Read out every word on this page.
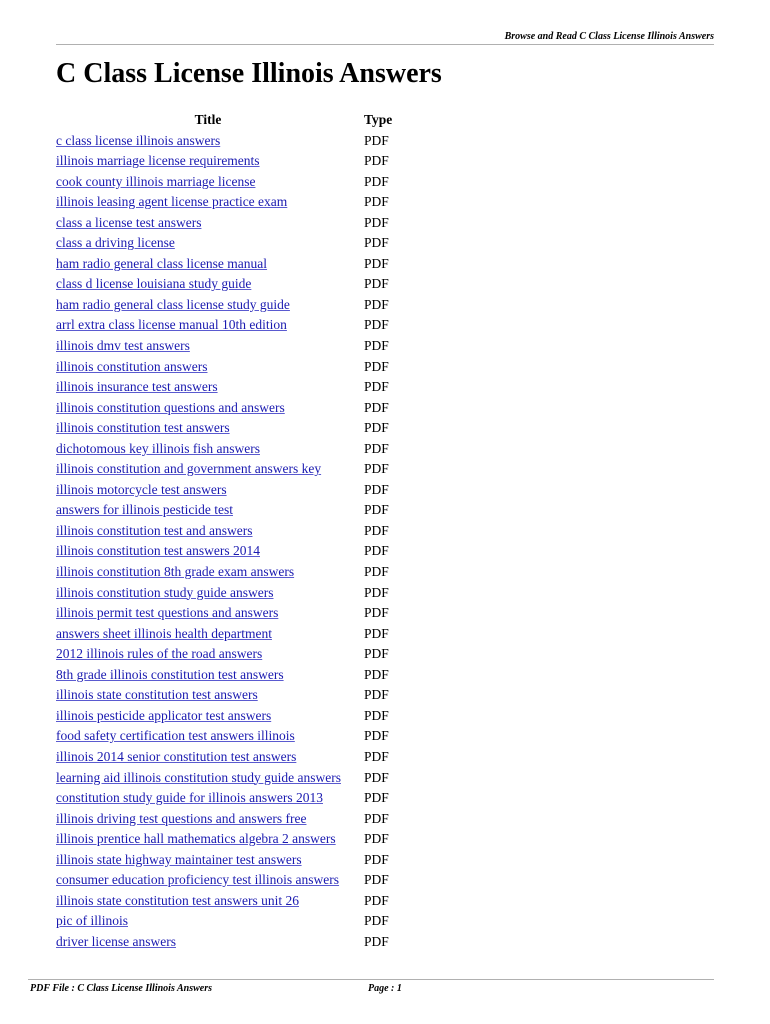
Browse and Read C Class License Illinois Answers
C Class License Illinois Answers
Title	Type
c class license illinois answers	PDF
illinois marriage license requirements	PDF
cook county illinois marriage license	PDF
illinois leasing agent license practice exam	PDF
class a license test answers	PDF
class a driving license	PDF
ham radio general class license manual	PDF
class d license louisiana study guide	PDF
ham radio general class license study guide	PDF
arrl extra class license manual 10th edition	PDF
illinois dmv test answers	PDF
illinois constitution answers	PDF
illinois insurance test answers	PDF
illinois constitution questions and answers	PDF
illinois constitution test answers	PDF
dichotomous key illinois fish answers	PDF
illinois constitution and government answers key	PDF
illinois motorcycle test answers	PDF
answers for illinois pesticide test	PDF
illinois constitution test and answers	PDF
illinois constitution test answers 2014	PDF
illinois constitution 8th grade exam answers	PDF
illinois constitution study guide answers	PDF
illinois permit test questions and answers	PDF
answers sheet illinois health department	PDF
2012 illinois rules of the road answers	PDF
8th grade illinois constitution test answers	PDF
illinois state constitution test answers	PDF
illinois pesticide applicator test answers	PDF
food safety certification test answers illinois	PDF
illinois 2014 senior constitution test answers	PDF
learning aid illinois constitution study guide answers	PDF
constitution study guide for illinois answers 2013	PDF
illinois driving test questions and answers free	PDF
illinois prentice hall mathematics algebra 2 answers	PDF
illinois state highway maintainer test answers	PDF
consumer education proficiency test illinois answers	PDF
illinois state constitution test answers unit 26	PDF
pic of illinois	PDF
driver license answers	PDF
PDF File : C Class License Illinois Answers	Page : 1
